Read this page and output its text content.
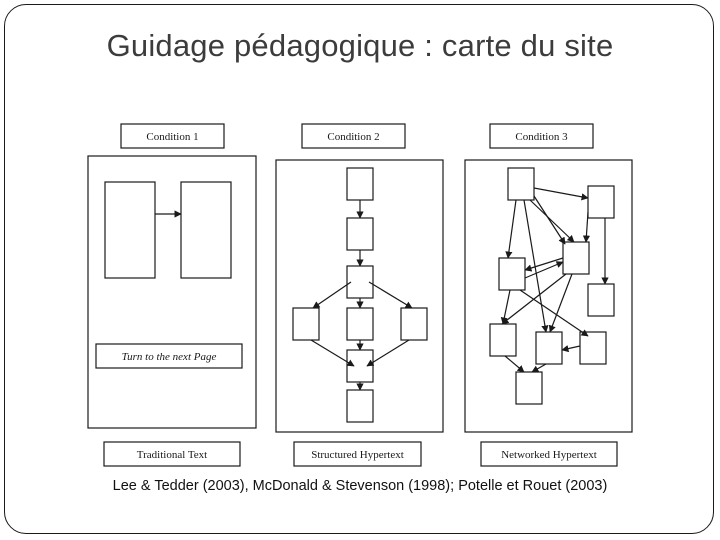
Guidage pédagogique : carte du site
Condition 1
Turn to the next Page
Traditional Text
Condition 2
Structured Hypertext
Condition 3
Networked Hypertext
Lee & Tedder (2003), McDonald & Stevenson (1998); Potelle et Rouet (2003)
